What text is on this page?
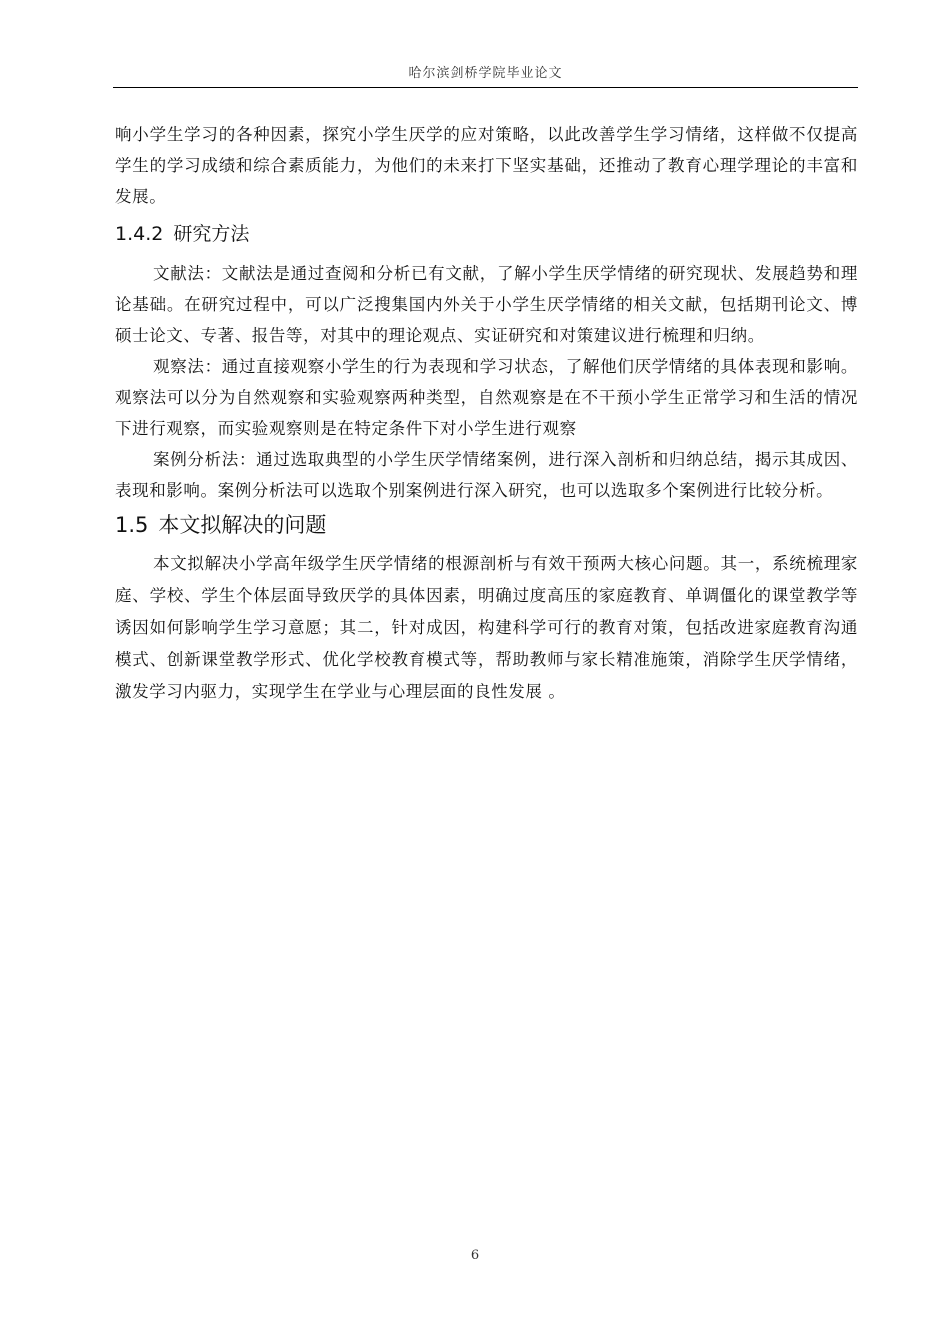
哈尔滨剑桥学院毕业论文

响小学生学习的各种因素，探究小学生厌学的应对策略，以此改善学生学习情绪，这样做不仅提高学生的学习成绩和综合素质能力，为他们的未来打下坚实基础，还推动了教育心理学理论的丰富和发展。

1.4.2 研究方法

文献法：文献法是通过查阅和分析已有文献，了解小学生厌学情绪的研究现状、发展趋势和理论基础。在研究过程中，可以广泛搜集国内外关于小学生厌学情绪的相关文献，包括期刊论文、博硕士论文、专著、报告等，对其中的理论观点、实证研究和对策建议进行梳理和归纳。

观察法：通过直接观察小学生的行为表现和学习状态，了解他们厌学情绪的具体表现和影响。观察法可以分为自然观察和实验观察两种类型，自然观察是在不干预小学生正常学习和生活的情况下进行观察，而实验观察则是在特定条件下对小学生进行观察

案例分析法：通过选取典型的小学生厌学情绪案例，进行深入剖析和归纳总结，揭示其成因、表现和影响。案例分析法可以选取个别案例进行深入研究，也可以选取多个案例进行比较分析。

1.5 本文拟解决的问题

本文拟解决小学高年级学生厌学情绪的根源剖析与有效干预两大核心问题。其一，系统梳理家庭、学校、学生个体层面导致厌学的具体因素，明确过度高压的家庭教育、单调僵化的课堂教学等诱因如何影响学生学习意愿；其二，针对成因，构建科学可行的教育对策，包括改进家庭教育沟通模式、创新课堂教学形式、优化学校教育模式等，帮助教师与家长精准施策，消除学生厌学情绪，激发学习内驱力，实现学生在学业与心理层面的良性发展 。

6
